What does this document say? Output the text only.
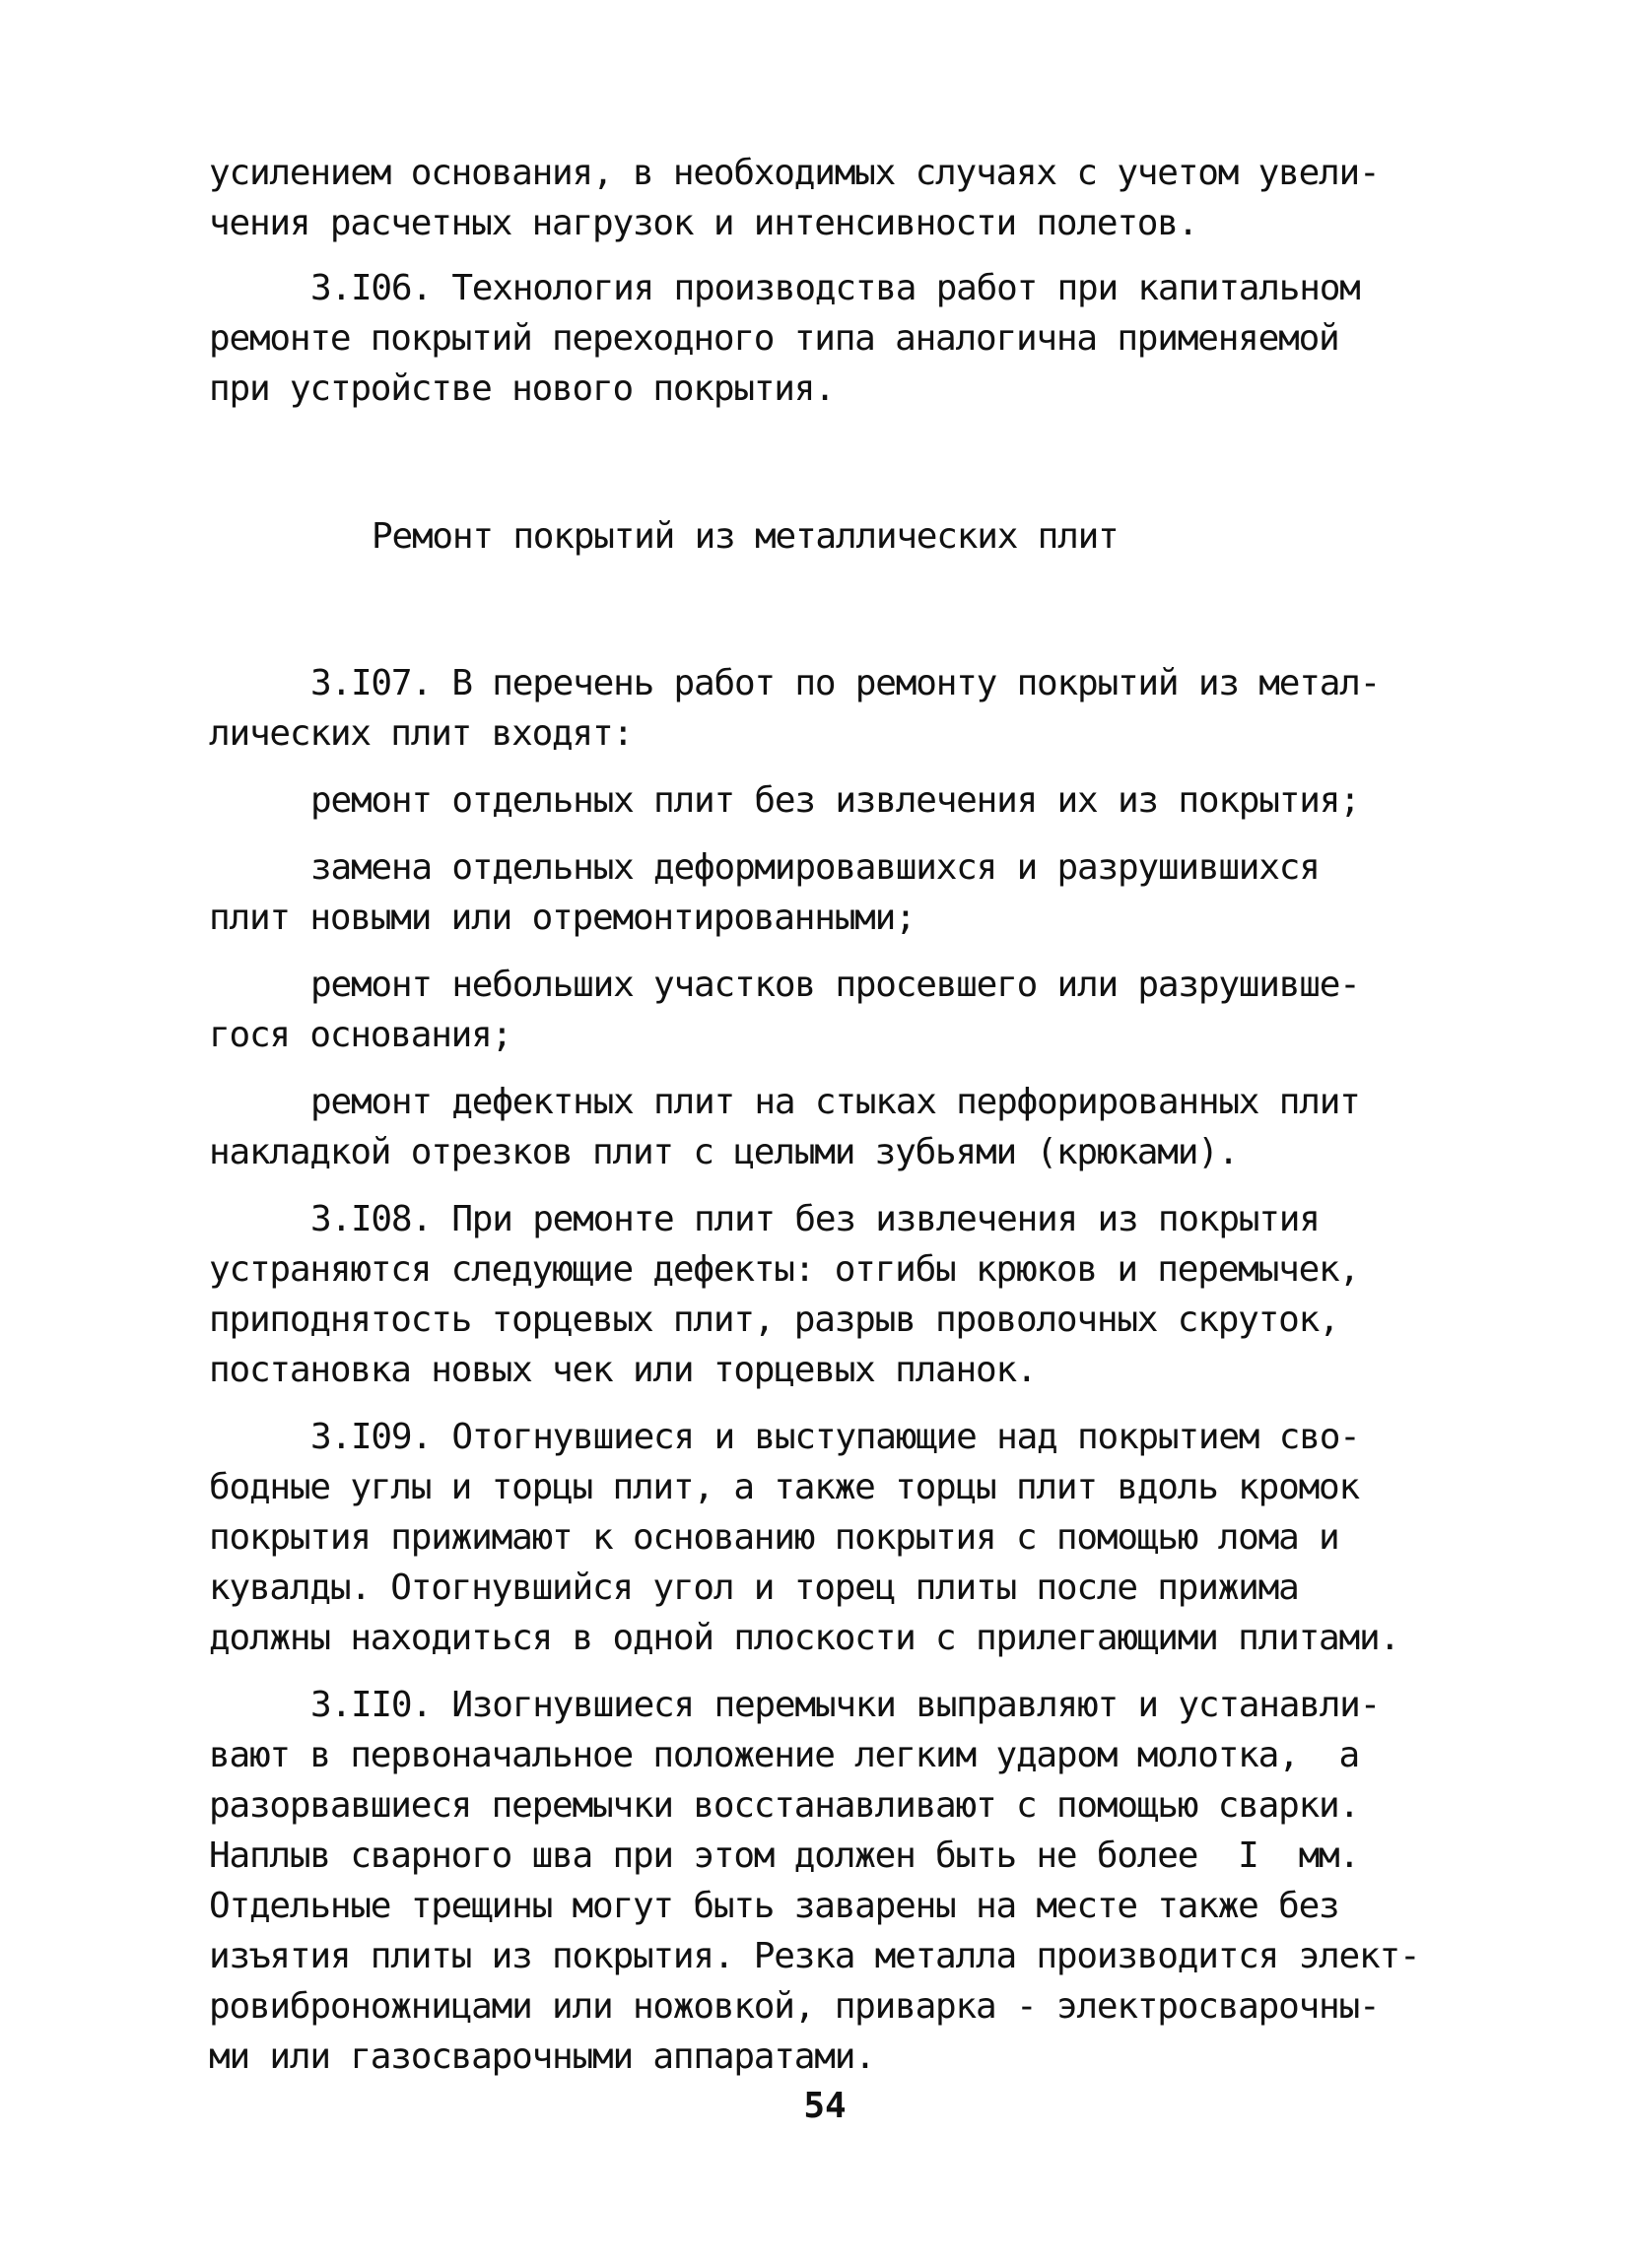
усилением основания, в необходимых случаях с учетом увели-
чения расчетных нагрузок и интенсивности полетов.
3.I06. Технология производства работ при капитальном
ремонте покрытий переходного типа аналогична применяемой
при устройстве нового покрытия.
Ремонт покрытий из металлических плит
3.I07. В перечень работ по ремонту покрытий из метал-
лических плит входят:
ремонт отдельных плит без извлечения их из покрытия;
замена отдельных деформировавшихся и разрушившихся
плит новыми или отремонтированными;
ремонт небольших участков просевшего или разрушивше-
гося основания;
ремонт дефектных плит на стыках перфорированных плит
накладкой отрезков плит с целыми зубьями (крюками).
3.I08. При ремонте плит без извлечения из покрытия
устраняются следующие дефекты: отгибы крюков и перемычек,
приподнятость торцевых плит, разрыв проволочных скруток,
постановка новых чек или торцевых планок.
3.I09. Отогнувшиеся и выступающие над покрытием сво-
бодные углы и торцы плит, а также торцы плит вдоль кромок
покрытия прижимают к основанию покрытия с помощью лома и
кувалды. Отогнувшийся угол и торец плиты после прижима
должны находиться в одной плоскости с прилегающими плитами.
3.II0. Изогнувшиеся перемычки выправляют и устанавли-
вают в первоначальное положение легким ударом молотка,  а
разорвавшиеся перемычки восстанавливают с помощью сварки.
Наплыв сварного шва при этом должен быть не более  I  мм.
Отдельные трещины могут быть заварены на месте также без
изъятия плиты из покрытия. Резка металла производится элект-
ровиброножницами или ножовкой, приварка - электросварочны-
ми или газосварочными аппаратами.
54
